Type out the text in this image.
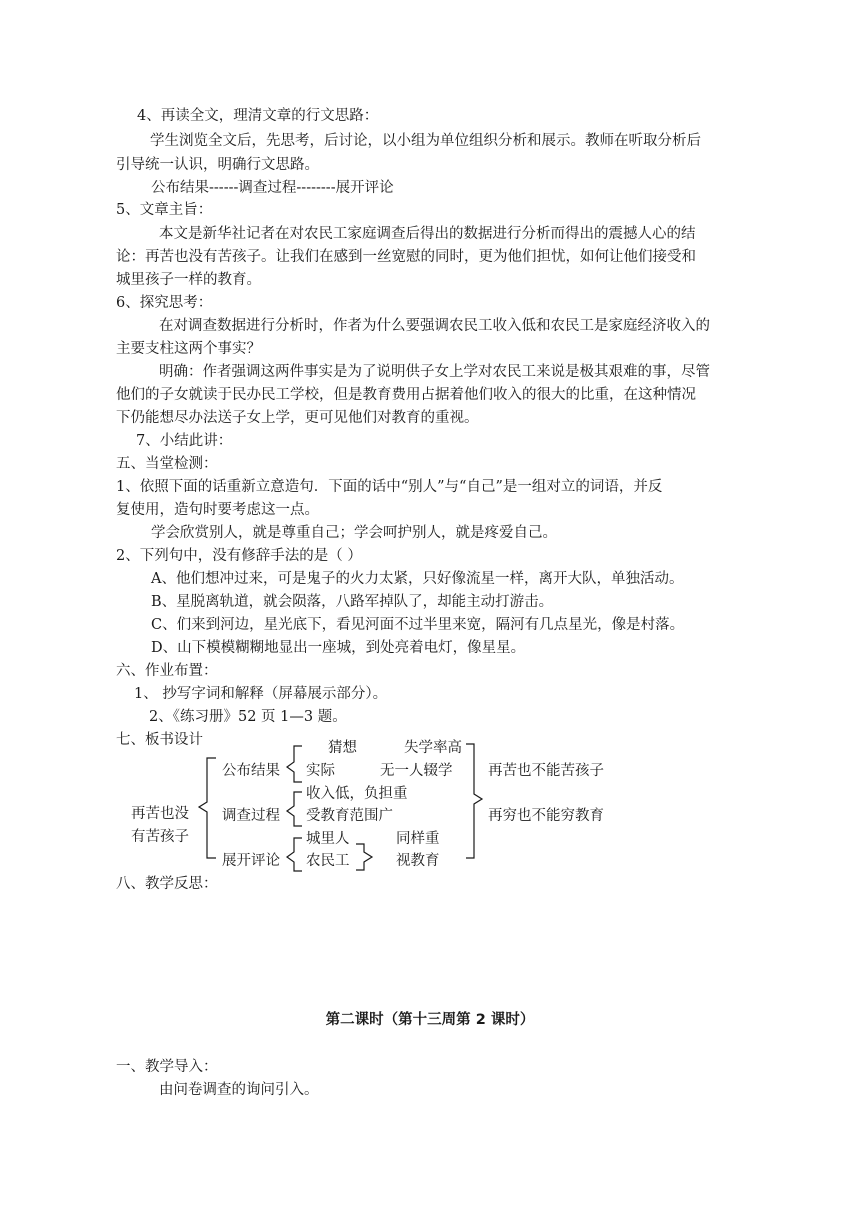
4、再读全文，理清文章的行文思路：
学生浏览全文后，先思考，后讨论，以小组为单位组织分析和展示。教师在听取分析后
引导统一认识，明确行文思路。
公布结果------调查过程--------展开评论
5、文章主旨：
本文是新华社记者在对农民工家庭调查后得出的数据进行分析而得出的震撼人心的结
论：再苦也没有苦孩子。让我们在感到一丝宽慰的同时，更为他们担忧，如何让他们接受和
城里孩子一样的教育。
6、探究思考：
在对调查数据进行分析时，作者为什么要强调农民工收入低和农民工是家庭经济收入的
主要支柱这两个事实？
明确：作者强调这两件事实是为了说明供子女上学对农民工来说是极其艰难的事，尽管
他们的子女就读于民办民工学校，但是教育费用占据着他们收入的很大的比重，在这种情况
下仍能想尽办法送子女上学，更可见他们对教育的重视。
7、小结此讲：
五、当堂检测：
1、依照下面的话重新立意造句．下面的话中“别人”与“自己”是一组对立的词语，并反
复使用，造句时要考虑这一点。
学会欣赏别人，就是尊重自己；学会呵护别人，就是疼爱自己。
2、下列句中，没有修辞手法的是（ ）
A、他们想冲过来，可是鬼子的火力太紧，只好像流星一样，离开大队，单独活动。
B、星脱离轨道，就会陨落，八路军掉队了，却能主动打游击。
C、们来到河边，星光底下，看见河面不过半里来宽，隔河有几点星光，像是村落。
D、山下模模糊糊地显出一座城，到处亮着电灯，像星星。
六、作业布置：
1、 抄写字词和解释（屏幕展示部分）。
2、《练习册》52 页 1—3 题。
七、板书设计
再苦也没
有苦孩子
公布结果
调查过程
展开评论
猜想	失学率高
实际	无一人辍学
收入低，负担重
受教育范围广
城里人
农民工
同样重
视教育
再苦也不能苦孩子
再穷也不能穷教育
八、教学反思：
第二课时（第十三周第 2 课时）
一、教学导入：
由问卷调查的询问引入。
